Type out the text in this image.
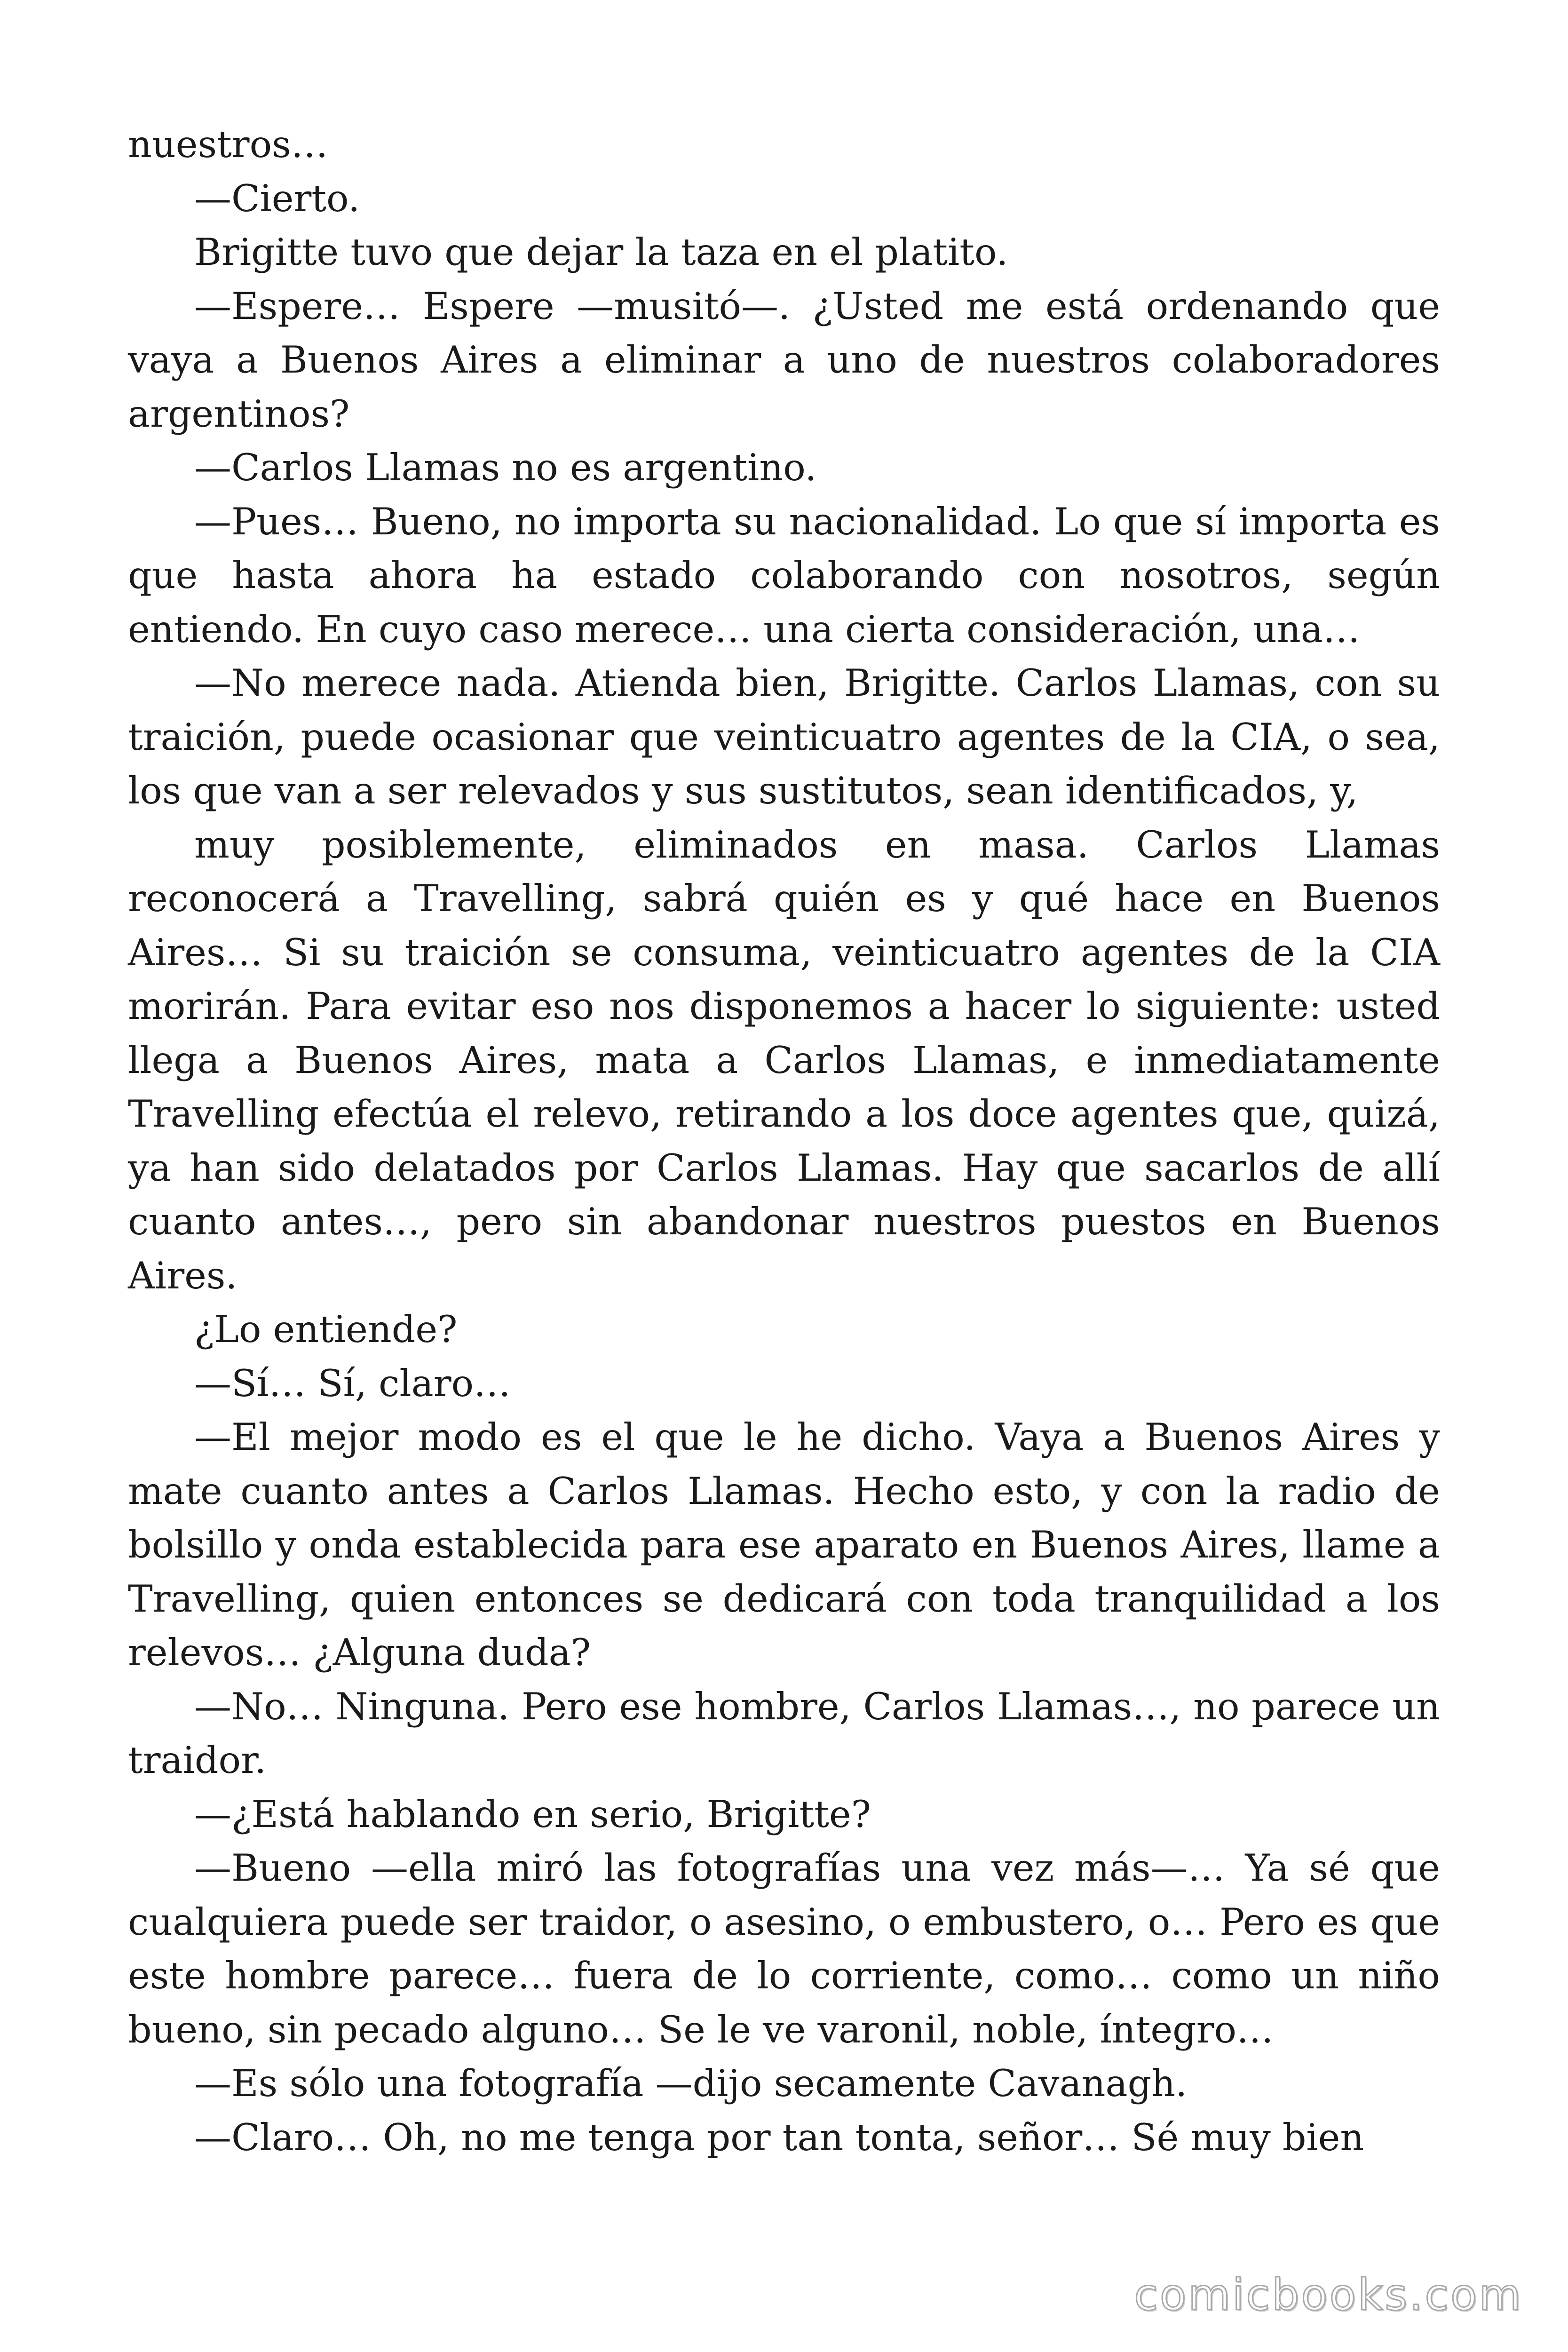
nuestros…

—Cierto.

Brigitte tuvo que dejar la taza en el platito.

—Espere… Espere —musitó—. ¿Usted me está ordenando que vaya a Buenos Aires a eliminar a uno de nuestros colaboradores argentinos?

—Carlos Llamas no es argentino.

—Pues… Bueno, no importa su nacionalidad. Lo que sí importa es que hasta ahora ha estado colaborando con nosotros, según entiendo. En cuyo caso merece… una cierta consideración, una…

—No merece nada. Atienda bien, Brigitte. Carlos Llamas, con su traición, puede ocasionar que veinticuatro agentes de la CIA, o sea, los que van a ser relevados y sus sustitutos, sean identificados, y,

muy posiblemente, eliminados en masa. Carlos Llamas reconocerá a Travelling, sabrá quién es y qué hace en Buenos Aires… Si su traición se consuma, veinticuatro agentes de la CIA morirán. Para evitar eso nos disponemos a hacer lo siguiente: usted llega a Buenos Aires, mata a Carlos Llamas, e inmediatamente Travelling efectúa el relevo, retirando a los doce agentes que, quizá, ya han sido delatados por Carlos Llamas. Hay que sacarlos de allí cuanto antes…, pero sin abandonar nuestros puestos en Buenos Aires.

¿Lo entiende?

—Sí… Sí, claro…

—El mejor modo es el que le he dicho. Vaya a Buenos Aires y mate cuanto antes a Carlos Llamas. Hecho esto, y con la radio de bolsillo y onda establecida para ese aparato en Buenos Aires, llame a Travelling, quien entonces se dedicará con toda tranquilidad a los relevos… ¿Alguna duda?

—No… Ninguna. Pero ese hombre, Carlos Llamas…, no parece un traidor.

—¿Está hablando en serio, Brigitte?

—Bueno —ella miró las fotografías una vez más—… Ya sé que cualquiera puede ser traidor, o asesino, o embustero, o… Pero es que este hombre parece… fuera de lo corriente, como… como un niño bueno, sin pecado alguno… Se le ve varonil, noble, íntegro…

—Es sólo una fotografía —dijo secamente Cavanagh.

—Claro… Oh, no me tenga por tan tonta, señor… Sé muy bien

comicbooks.com
